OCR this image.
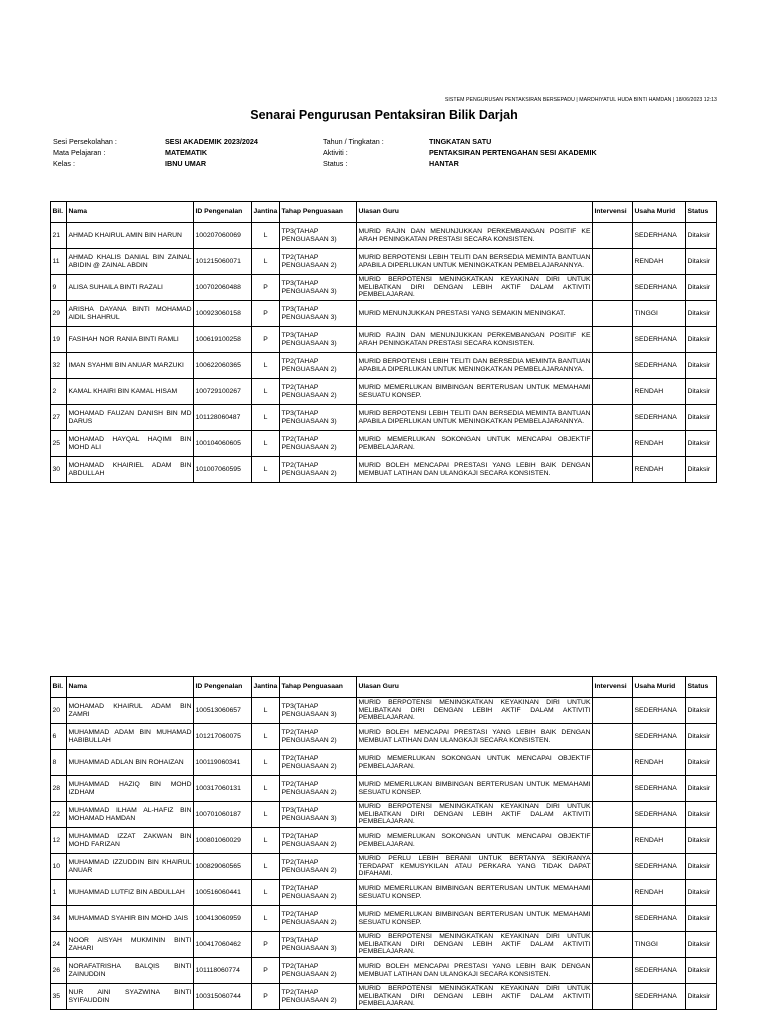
SISTEM PENGURUSAN PENTAKSIRAN BERSEPADU | MARDHIYATUL HUDA BINTI HAMDAN | 18/06/2023 12:13
Senarai Pengurusan Pentaksiran Bilik Darjah
Sesi Persekolahan :	SESI AKADEMIK 2023/2024	Tahun / Tingkatan :	TINGKATAN SATU
Mata Pelajaran :	MATEMATIK	Aktiviti :	PENTAKSIRAN PERTENGAHAN SESI AKADEMIK
Kelas :	IBNU UMAR	Status :	HANTAR
Bil.	Nama	ID Pengenalan	Jantina	Tahap Penguasaan	Ulasan Guru	Intervensi	Usaha Murid	Status
21	AHMAD KHAIRUL AMIN BIN HARUN	100207060069	L	TP3(TAHAP PENGUASAAN 3)	MURID RAJIN DAN MENUNJUKKAN PERKEMBANGAN POSITIF KE ARAH PENINGKATAN PRESTASI SECARA KONSISTEN.		SEDERHANA	Ditaksir
11	AHMAD KHALIS DANIAL BIN ZAINAL ABIDIN @ ZAINAL ABDIN	101215060071	L	TP2(TAHAP PENGUASAAN 2)	MURID BERPOTENSI LEBIH TELITI DAN BERSEDIA MEMINTA BANTUAN APABILA DIPERLUKAN UNTUK MENINGKATKAN PEMBELAJARANNYA.		RENDAH	Ditaksir
9	ALISA SUHAILA BINTI RAZALI	100702060488	P	TP3(TAHAP PENGUASAAN 3)	MURID BERPOTENSI MENINGKATKAN KEYAKINAN DIRI UNTUK MELIBATKAN DIRI DENGAN LEBIH AKTIF DALAM AKTIVITI PEMBELAJARAN.		SEDERHANA	Ditaksir
29	ARISHA DAYANA BINTI MOHAMAD AIDIL SHAHRUL	100923060158	P	TP3(TAHAP PENGUASAAN 3)	MURID MENUNJUKKAN PRESTASI YANG SEMAKIN MENINGKAT.		TINGGI	Ditaksir
19	FASIHAH NOR RANIA BINTI RAMLI	100619100258	P	TP3(TAHAP PENGUASAAN 3)	MURID RAJIN DAN MENUNJUKKAN PERKEMBANGAN POSITIF KE ARAH PENINGKATAN PRESTASI SECARA KONSISTEN.		SEDERHANA	Ditaksir
32	IMAN SYAHMI BIN ANUAR MARZUKI	100622060365	L	TP2(TAHAP PENGUASAAN 2)	MURID BERPOTENSI LEBIH TELITI DAN BERSEDIA MEMINTA BANTUAN APABILA DIPERLUKAN UNTUK MENINGKATKAN PEMBELAJARANNYA.		SEDERHANA	Ditaksir
2	KAMAL KHAIRI BIN KAMAL HISAM	100729100267	L	TP2(TAHAP PENGUASAAN 2)	MURID MEMERLUKAN BIMBINGAN BERTERUSAN UNTUK MEMAHAMI SESUATU KONSEP.		RENDAH	Ditaksir
27	MOHAMAD FAUZAN DANISH BIN MD DARUS	101128060487	L	TP3(TAHAP PENGUASAAN 3)	MURID BERPOTENSI LEBIH TELITI DAN BERSEDIA MEMINTA BANTUAN APABILA DIPERLUKAN UNTUK MENINGKATKAN PEMBELAJARANNYA.		SEDERHANA	Ditaksir
25	MOHAMAD HAYQAL HAQIMI BIN MOHD ALI	100104060605	L	TP2(TAHAP PENGUASAAN 2)	MURID MEMERLUKAN SOKONGAN UNTUK MENCAPAI OBJEKTIF PEMBELAJARAN.		RENDAH	Ditaksir
30	MOHAMAD KHAIRIEL ADAM BIN ABDULLAH	101007060595	L	TP2(TAHAP PENGUASAAN 2)	MURID BOLEH MENCAPAI PRESTASI YANG LEBIH BAIK DENGAN MEMBUAT LATIHAN DAN ULANGKAJI SECARA KONSISTEN.		RENDAH	Ditaksir
Bil.	Nama	ID Pengenalan	Jantina	Tahap Penguasaan	Ulasan Guru	Intervensi	Usaha Murid	Status
20	MOHAMAD KHAIRUL ADAM BIN ZAMRI	100513060657	L	TP3(TAHAP PENGUASAAN 3)	MURID BERPOTENSI MENINGKATKAN KEYAKINAN DIRI UNTUK MELIBATKAN DIRI DENGAN LEBIH AKTIF DALAM AKTIVITI PEMBELAJARAN.		SEDERHANA	Ditaksir
6	MUHAMMAD ADAM BIN MUHAMAD HABIBULLAH	101217060075	L	TP2(TAHAP PENGUASAAN 2)	MURID BOLEH MENCAPAI PRESTASI YANG LEBIH BAIK DENGAN MEMBUAT LATIHAN DAN ULANGKAJI SECARA KONSISTEN.		SEDERHANA	Ditaksir
8	MUHAMMAD ADLAN BIN ROHAIZAN	100119060341	L	TP2(TAHAP PENGUASAAN 2)	MURID MEMERLUKAN SOKONGAN UNTUK MENCAPAI OBJEKTIF PEMBELAJARAN.		RENDAH	Ditaksir
28	MUHAMMAD HAZIQ BIN MOHD IZDHAM	100317060131	L	TP2(TAHAP PENGUASAAN 2)	MURID MEMERLUKAN BIMBINGAN BERTERUSAN UNTUK MEMAHAMI SESUATU KONSEP.		SEDERHANA	Ditaksir
22	MUHAMMAD ILHAM AL-HAFIZ BIN MOHAMAD HAMDAN	100701060187	L	TP3(TAHAP PENGUASAAN 3)	MURID BERPOTENSI MENINGKATKAN KEYAKINAN DIRI UNTUK MELIBATKAN DIRI DENGAN LEBIH AKTIF DALAM AKTIVITI PEMBELAJARAN.		SEDERHANA	Ditaksir
12	MUHAMMAD IZZAT ZAKWAN BIN MOHD FARIZAN	100801060029	L	TP2(TAHAP PENGUASAAN 2)	MURID MEMERLUKAN SOKONGAN UNTUK MENCAPAI OBJEKTIF PEMBELAJARAN.		RENDAH	Ditaksir
10	MUHAMMAD IZZUDDIN BIN KHAIRUL ANUAR	100829060565	L	TP2(TAHAP PENGUASAAN 2)	MURID PERLU LEBIH BERANI UNTUK BERTANYA SEKIRANYA TERDAPAT KEMUSYKILAN ATAU PERKARA YANG TIDAK DAPAT DIFAHAMI.		SEDERHANA	Ditaksir
1	MUHAMMAD LUTFIZ BIN ABDULLAH	100516060441	L	TP2(TAHAP PENGUASAAN 2)	MURID MEMERLUKAN BIMBINGAN BERTERUSAN UNTUK MEMAHAMI SESUATU KONSEP.		RENDAH	Ditaksir
34	MUHAMMAD SYAHIR BIN MOHD JAIS	100413060959	L	TP2(TAHAP PENGUASAAN 2)	MURID MEMERLUKAN BIMBINGAN BERTERUSAN UNTUK MEMAHAMI SESUATU KONSEP.		SEDERHANA	Ditaksir
24	NOOR AISYAH MUKMININ BINTI ZAHARI	100417060462	P	TP3(TAHAP PENGUASAAN 3)	MURID BERPOTENSI MENINGKATKAN KEYAKINAN DIRI UNTUK MELIBATKAN DIRI DENGAN LEBIH AKTIF DALAM AKTIVITI PEMBELAJARAN.		TINGGI	Ditaksir
26	NORAFATRISHA BALQIS BINTI ZAINUDDIN	101118060774	P	TP2(TAHAP PENGUASAAN 2)	MURID BOLEH MENCAPAI PRESTASI YANG LEBIH BAIK DENGAN MEMBUAT LATIHAN DAN ULANGKAJI SECARA KONSISTEN.		SEDERHANA	Ditaksir
35	NUR AINI SYAZWINA BINTI SYIFAUDDIN	100315060744	P	TP2(TAHAP PENGUASAAN 2)	MURID BERPOTENSI MENINGKATKAN KEYAKINAN DIRI UNTUK MELIBATKAN DIRI DENGAN LEBIH AKTIF DALAM AKTIVITI PEMBELAJARAN.		SEDERHANA	Ditaksir
